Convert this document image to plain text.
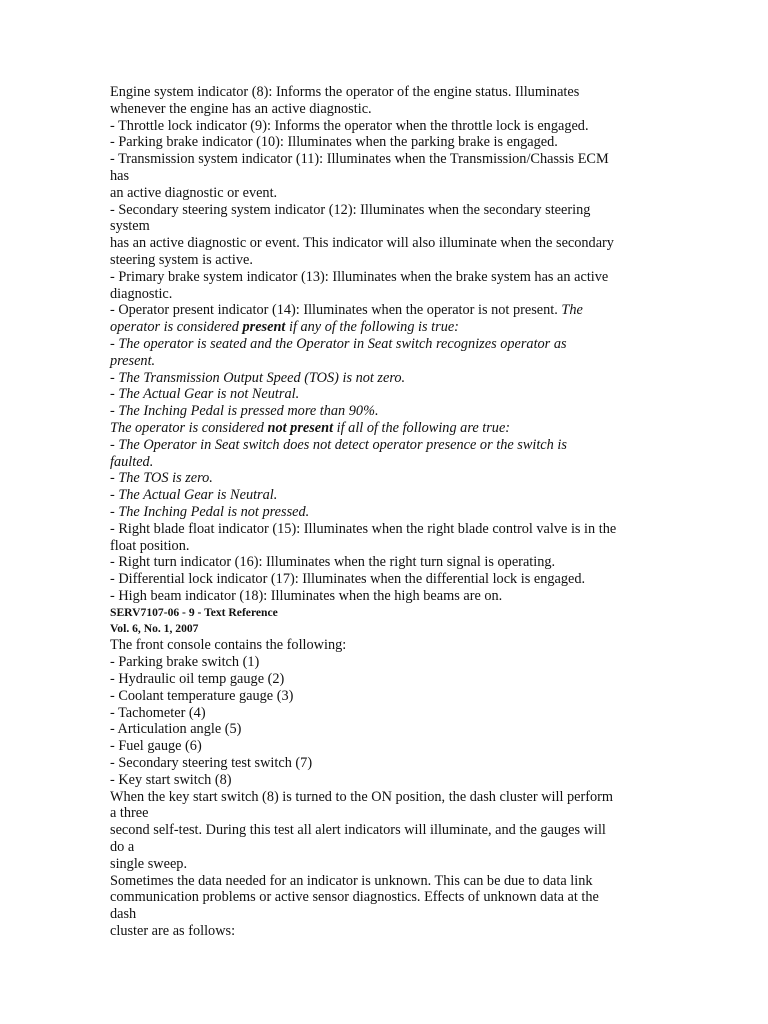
Engine system indicator (8): Informs the operator of the engine status. Illuminates
whenever the engine has an active diagnostic.
- Throttle lock indicator (9): Informs the operator when the throttle lock is engaged.
- Parking brake indicator (10): Illuminates when the parking brake is engaged.
- Transmission system indicator (11): Illuminates when the Transmission/Chassis ECM
has
an active diagnostic or event.
- Secondary steering system indicator (12): Illuminates when the secondary steering
system
has an active diagnostic or event. This indicator will also illuminate when the secondary
steering system is active.
- Primary brake system indicator (13): Illuminates when the brake system has an active
diagnostic.
- Operator present indicator (14): Illuminates when the operator is not present. The
operator is considered present if any of the following is true:
- The operator is seated and the Operator in Seat switch recognizes operator as
present.
- The Transmission Output Speed (TOS) is not zero.
- The Actual Gear is not Neutral.
- The Inching Pedal is pressed more than 90%.
The operator is considered not present if all of the following are true:
- The Operator in Seat switch does not detect operator presence or the switch is
faulted.
- The TOS is zero.
- The Actual Gear is Neutral.
- The Inching Pedal is not pressed.
- Right blade float indicator (15): Illuminates when the right blade control valve is in the
float position.
- Right turn indicator (16): Illuminates when the right turn signal is operating.
- Differential lock indicator (17): Illuminates when the differential lock is engaged.
- High beam indicator (18): Illuminates when the high beams are on.
SERV7107-06 - 9 - Text Reference
Vol. 6, No. 1, 2007
The front console contains the following:
- Parking brake switch (1)
- Hydraulic oil temp gauge (2)
- Coolant temperature gauge (3)
- Tachometer (4)
- Articulation angle (5)
- Fuel gauge (6)
- Secondary steering test switch (7)
- Key start switch (8)
When the key start switch (8) is turned to the ON position, the dash cluster will perform
a three
second self-test. During this test all alert indicators will illuminate, and the gauges will
do a
single sweep.
Sometimes the data needed for an indicator is unknown. This can be due to data link
communication problems or active sensor diagnostics. Effects of unknown data at the
dash
cluster are as follows:
